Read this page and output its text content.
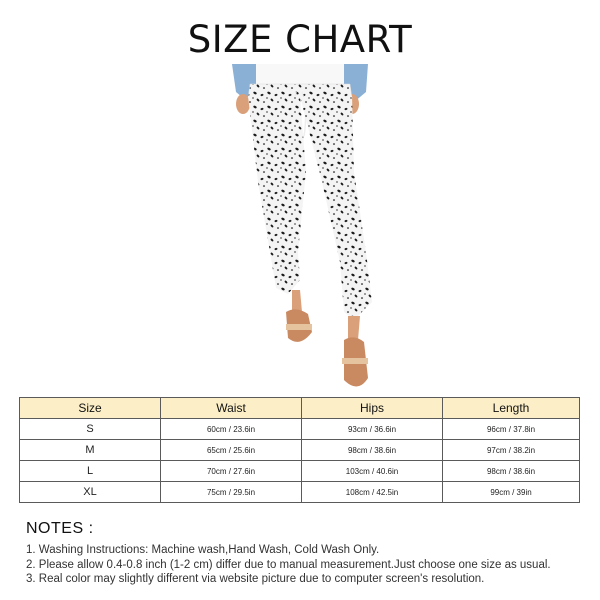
SIZE CHART
Size	Waist	Hips	Length
S	60cm / 23.6in	93cm / 36.6in	96cm / 37.8in
M	65cm / 25.6in	98cm / 38.6in	97cm / 38.2in
L	70cm / 27.6in	103cm / 40.6in	98cm / 38.6in
XL	75cm / 29.5in	108cm / 42.5in	99cm / 39in
NOTES :
1. Washing Instructions: Machine wash,Hand Wash, Cold Wash Only.
2. Please allow 0.4-0.8 inch (1-2 cm) differ due to manual measurement.Just choose one size as usual.
3. Real color may slightly different via website picture due to computer screen's resolution.
